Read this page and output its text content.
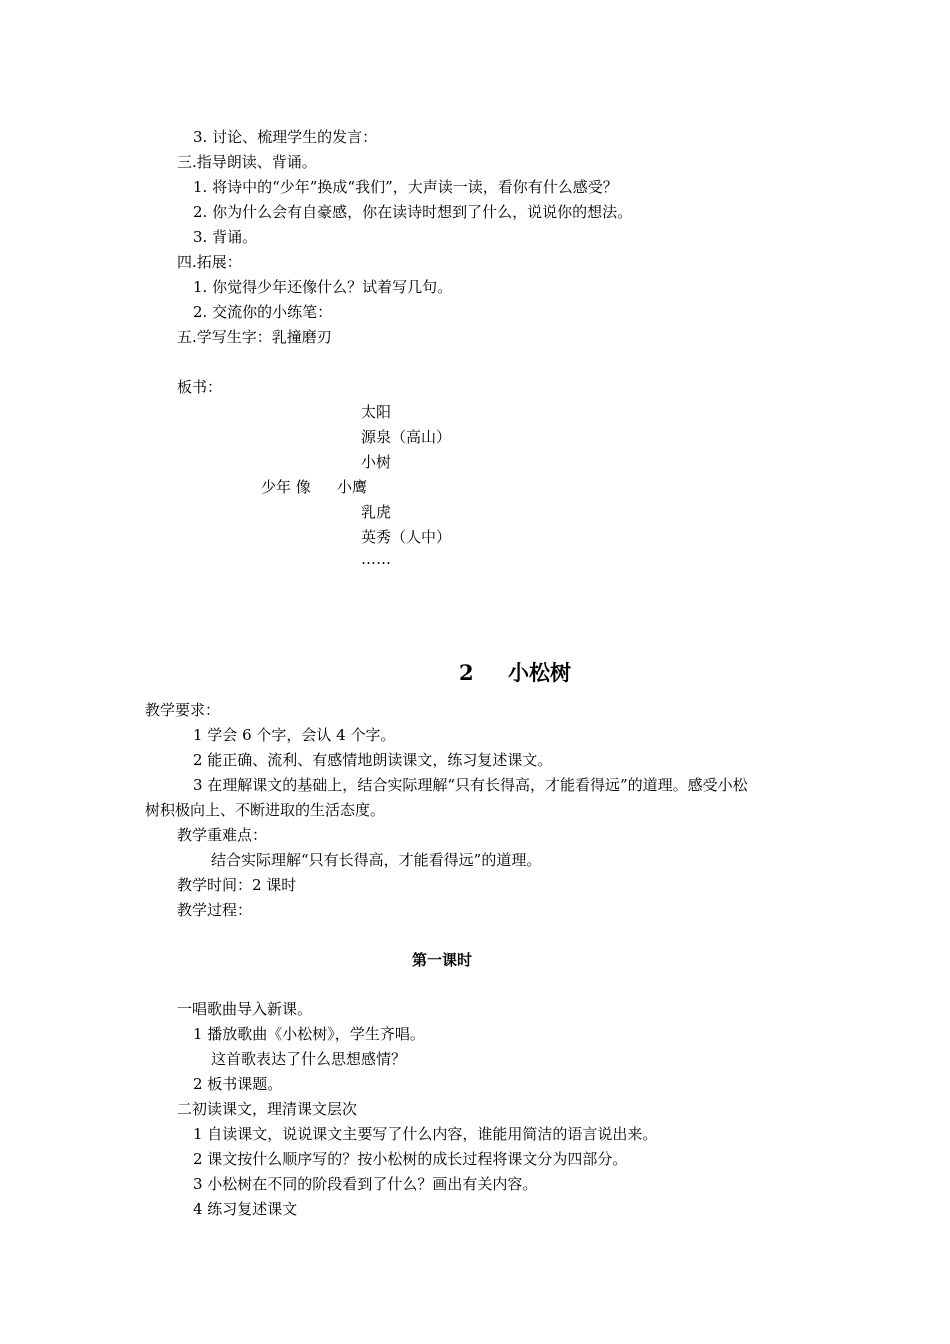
3. 讨论、梳理学生的发言：
三.指导朗读、背诵。
1. 将诗中的“少年”换成“我们”，大声读一读，看你有什么感受？
2. 你为什么会有自豪感，你在读诗时想到了什么，说说你的想法。
3. 背诵。
四.拓展：
1. 你觉得少年还像什么？试着写几句。
2. 交流你的小练笔：
五.学写生字：乳撞磨刃
板书：
太阳
源泉（高山）
小树
少年 像 小鹰
乳虎
英秀（人中）
……
2 小松树
教学要求：
1 学会 6 个字，会认 4 个字。
2 能正确、流利、有感情地朗读课文，练习复述课文。
3 在理解课文的基础上，结合实际理解“只有长得高，才能看得远”的道理。感受小松
树积极向上、不断进取的生活态度。
教学重难点：
结合实际理解“只有长得高，才能看得远”的道理。
教学时间：2 课时
教学过程：
第一课时
一唱歌曲导入新课。
1 播放歌曲《小松树》，学生齐唱。
这首歌表达了什么思想感情？
2 板书课题。
二初读课文，理清课文层次
1 自读课文，说说课文主要写了什么内容，谁能用简洁的语言说出来。
2 课文按什么顺序写的？按小松树的成长过程将课文分为四部分。
3 小松树在不同的阶段看到了什么？画出有关内容。
4 练习复述课文
